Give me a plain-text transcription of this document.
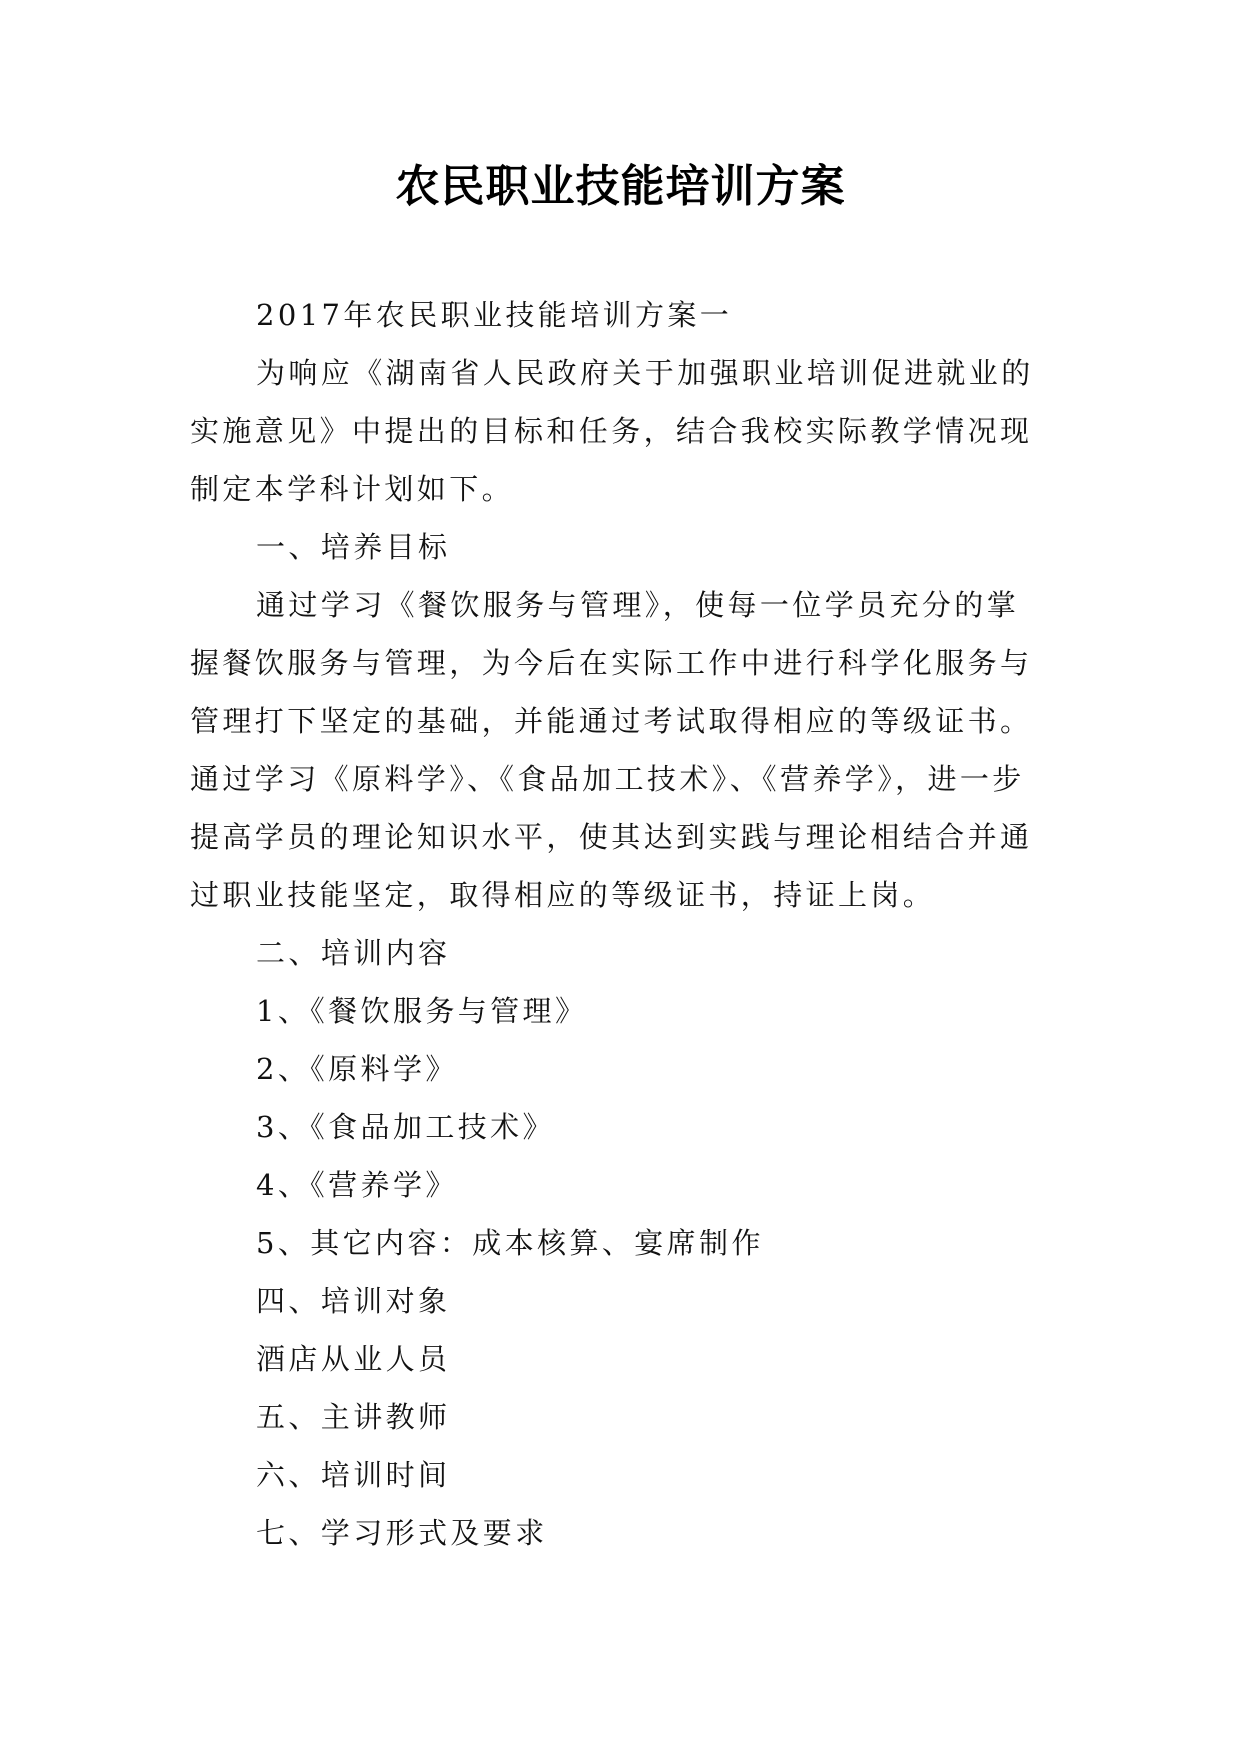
农民职业技能培训方案
2017年农民职业技能培训方案一
为响应《湖南省人民政府关于加强职业培训促进就业的
实施意见》中提出的目标和任务，结合我校实际教学情况现
制定本学科计划如下。
一、培养目标
通过学习《餐饮服务与管理》，使每一位学员充分的掌
握餐饮服务与管理，为今后在实际工作中进行科学化服务与
管理打下坚定的基础，并能通过考试取得相应的等级证书。
通过学习《原料学》、《食品加工技术》、《营养学》，进一步
提高学员的理论知识水平，使其达到实践与理论相结合并通
过职业技能坚定，取得相应的等级证书，持证上岗。
二、培训内容
1、《餐饮服务与管理》
2、《原料学》
3、《食品加工技术》
4、《营养学》
5、其它内容：成本核算、宴席制作
四、培训对象
酒店从业人员
五、主讲教师
六、培训时间
七、学习形式及要求
